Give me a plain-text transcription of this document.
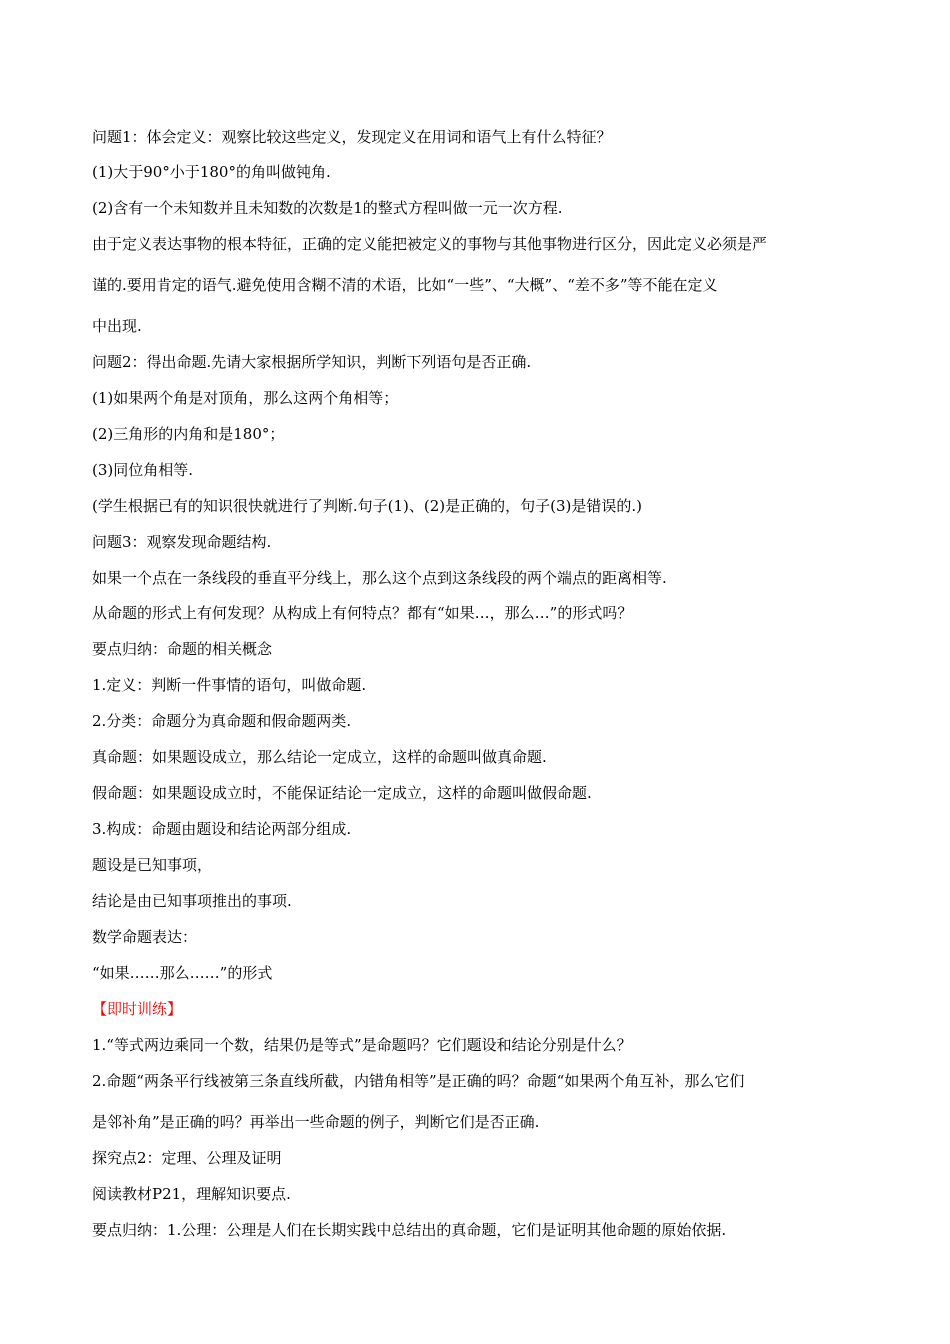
问题1：体会定义：观察比较这些定义，发现定义在用词和语气上有什么特征？
(1)大于90°小于180°的角叫做钝角.
(2)含有一个未知数并且未知数的次数是1的整式方程叫做一元一次方程.
由于定义表达事物的根本特征，正确的定义能把被定义的事物与其他事物进行区分，因此定义必须是严
谨的.要用肯定的语气.避免使用含糊不清的术语，比如“一些”、“大概”、“差不多”等不能在定义
中出现.
问题2：得出命题.先请大家根据所学知识，判断下列语句是否正确.
(1)如果两个角是对顶角，那么这两个角相等；
(2)三角形的内角和是180°；
(3)同位角相等.
(学生根据已有的知识很快就进行了判断.句子(1)、(2)是正确的，句子(3)是错误的.)
问题3：观察发现命题结构.
如果一个点在一条线段的垂直平分线上，那么这个点到这条线段的两个端点的距离相等.
从命题的形式上有何发现？从构成上有何特点？都有“如果…，那么…”的形式吗？
要点归纳：命题的相关概念
1.定义：判断一件事情的语句，叫做命题.
2.分类：命题分为真命题和假命题两类.
真命题：如果题设成立，那么结论一定成立，这样的命题叫做真命题.
假命题：如果题设成立时，不能保证结论一定成立，这样的命题叫做假命题.
3.构成：命题由题设和结论两部分组成.
题设是已知事项，
结论是由已知事项推出的事项.
数学命题表达：
“如果……那么……”的形式
【即时训练】
1.“等式两边乘同一个数，结果仍是等式”是命题吗？它们题设和结论分别是什么？
2.命题“两条平行线被第三条直线所截，内错角相等”是正确的吗？命题“如果两个角互补，那么它们
是邻补角”是正确的吗？再举出一些命题的例子，判断它们是否正确.
探究点2：定理、公理及证明
阅读教材P21，理解知识要点.
要点归纳：1.公理：公理是人们在长期实践中总结出的真命题，它们是证明其他命题的原始依据.
